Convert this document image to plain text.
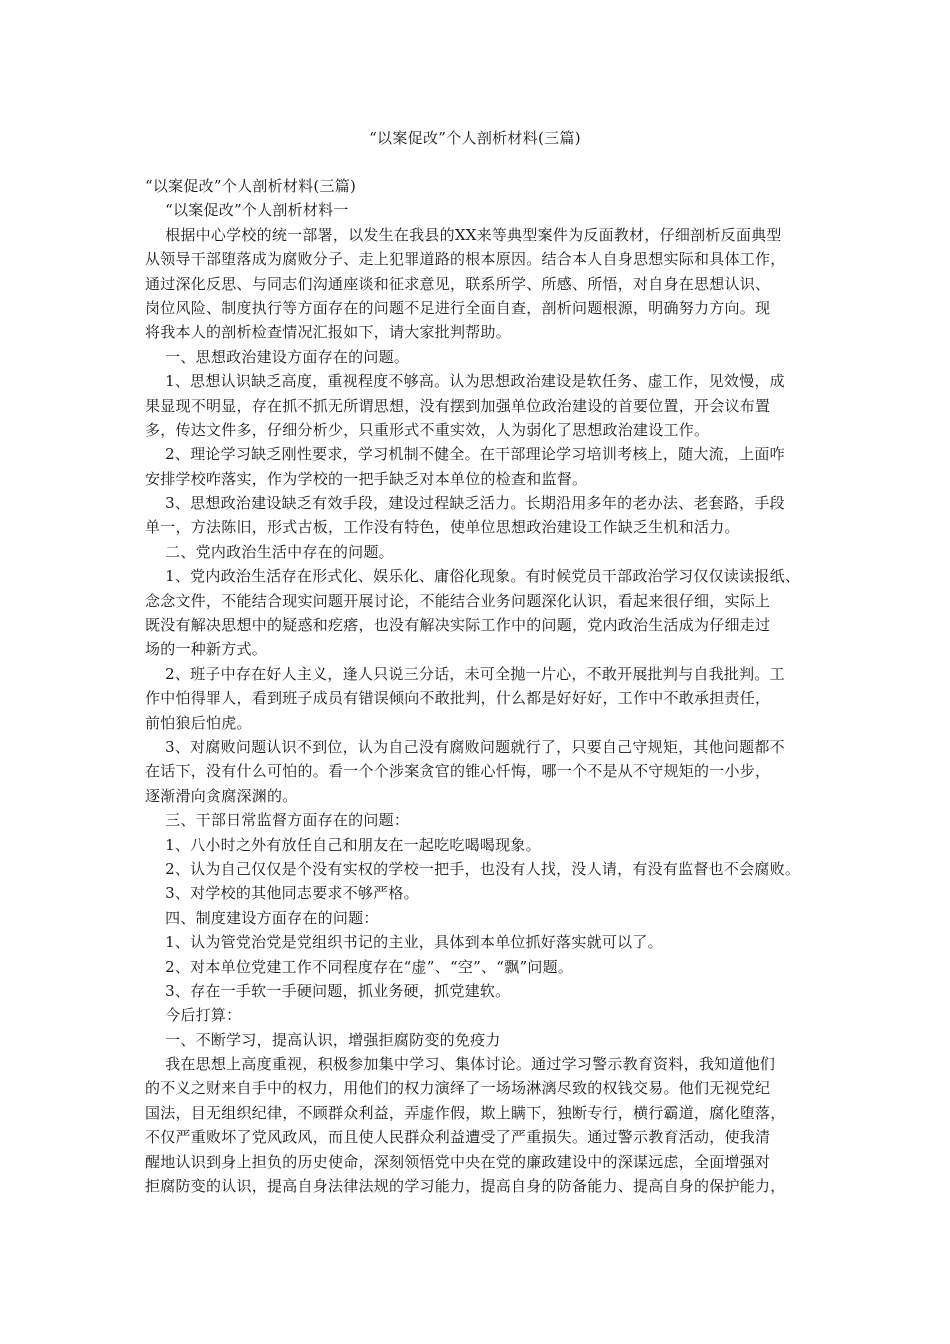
“以案促改”个人剖析材料(三篇)
“以案促改”个人剖析材料(三篇)
“以案促改”个人剖析材料一
根据中心学校的统一部署，以发生在我县的XX来等典型案件为反面教材，仔细剖析反面典型
从领导干部堕落成为腐败分子、走上犯罪道路的根本原因。结合本人自身思想实际和具体工作，
通过深化反思、与同志们沟通座谈和征求意见，联系所学、所感、所悟，对自身在思想认识、
岗位风险、制度执行等方面存在的问题不足进行全面自查，剖析问题根源，明确努力方向。现
将我本人的剖析检查情况汇报如下，请大家批判帮助。
一、思想政治建设方面存在的问题。
1、思想认识缺乏高度，重视程度不够高。认为思想政治建设是软任务、虚工作，见效慢，成
果显现不明显，存在抓不抓无所谓思想，没有摆到加强单位政治建设的首要位置，开会议布置
多，传达文件多，仔细分析少，只重形式不重实效，人为弱化了思想政治建设工作。
2、理论学习缺乏刚性要求，学习机制不健全。在干部理论学习培训考核上，随大流，上面咋
安排学校咋落实，作为学校的一把手缺乏对本单位的检查和监督。
3、思想政治建设缺乏有效手段，建设过程缺乏活力。长期沿用多年的老办法、老套路，手段
单一，方法陈旧，形式古板，工作没有特色，使单位思想政治建设工作缺乏生机和活力。
二、党内政治生活中存在的问题。
1、党内政治生活存在形式化、娱乐化、庸俗化现象。有时候党员干部政治学习仅仅读读报纸、
念念文件，不能结合现实问题开展讨论，不能结合业务问题深化认识，看起来很仔细，实际上
既没有解决思想中的疑惑和疙瘩，也没有解决实际工作中的问题，党内政治生活成为仔细走过
场的一种新方式。
2、班子中存在好人主义，逢人只说三分话，未可全抛一片心，不敢开展批判与自我批判。工
作中怕得罪人，看到班子成员有错误倾向不敢批判，什么都是好好好，工作中不敢承担责任，
前怕狼后怕虎。
3、对腐败问题认识不到位，认为自己没有腐败问题就行了，只要自己守规矩，其他问题都不
在话下，没有什么可怕的。看一个个涉案贪官的锥心忏悔，哪一个不是从不守规矩的一小步，
逐渐滑向贪腐深渊的。
三、干部日常监督方面存在的问题：
1、八小时之外有放任自己和朋友在一起吃吃喝喝现象。
2、认为自己仅仅是个没有实权的学校一把手，也没有人找，没人请，有没有监督也不会腐败。
3、对学校的其他同志要求不够严格。
四、制度建设方面存在的问题：
1、认为管党治党是党组织书记的主业，具体到本单位抓好落实就可以了。
2、对本单位党建工作不同程度存在“虚”、“空”、“飘”问题。
3、存在一手软一手硬问题，抓业务硬，抓党建软。
今后打算：
一、不断学习，提高认识，增强拒腐防变的免疫力
我在思想上高度重视，积极参加集中学习、集体讨论。通过学习警示教育资料，我知道他们
的不义之财来自手中的权力，用他们的权力演绎了一场场淋漓尽致的权钱交易。他们无视党纪
国法，目无组织纪律，不顾群众利益，弄虚作假，欺上瞒下，独断专行，横行霸道，腐化堕落，
不仅严重败坏了党风政风，而且使人民群众利益遭受了严重损失。通过警示教育活动，使我清
醒地认识到身上担负的历史使命，深刻领悟党中央在党的廉政建设中的深谋远虑，全面增强对
拒腐防变的认识，提高自身法律法规的学习能力，提高自身的防备能力、提高自身的保护能力，
